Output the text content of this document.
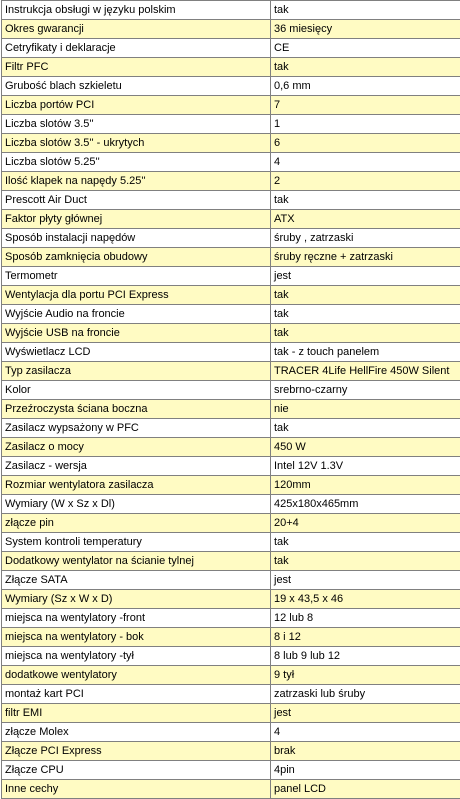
Instrukcja obsługi w języku polskim	tak
Okres gwarancji	36 miesięcy
Cetryfikaty i deklaracje	CE
Filtr PFC	tak
Grubość blach szkieletu	0,6 mm
Liczba portów PCI	7
Liczba slotów 3.5''	1
Liczba slotów 3.5'' - ukrytych	6
Liczba slotów 5.25''	4
Ilość klapek na napędy 5.25''	2
Prescott Air Duct	tak
Faktor płyty głównej	ATX
Sposób instalacji napędów	śruby , zatrzaski
Sposób zamknięcia obudowy	śruby ręczne + zatrzaski
Termometr	jest
Wentylacja dla portu PCI Express	tak
Wyjście Audio na froncie	tak
Wyjście USB na froncie	tak
Wyświetlacz LCD	tak - z touch panelem
Typ zasilacza	TRACER 4Life HellFire 450W Silent
Kolor	srebrno-czarny
Przeźroczysta ściana boczna	nie
Zasilacz wypsażony w PFC	tak
Zasilacz o mocy	450 W
Zasilacz - wersja	Intel 12V 1.3V
Rozmiar wentylatora zasilacza	120mm
Wymiary (W x Sz x Dl)	425x180x465mm
złącze pin	20+4
System kontroli temperatury	tak
Dodatkowy wentylator na ścianie tylnej	tak
Złącze SATA	jest
Wymiary (Sz x W x D)	19 x 43,5 x 46
miejsca na wentylatory -front	12 lub 8
miejsca na wentylatory - bok	8 i 12
miejsca na wentylatory -tył	8 lub 9 lub 12
dodatkowe wentylatory	9 tył
montaż kart PCI	zatrzaski lub śruby
filtr EMI	jest
złącze Molex	4
Złącze PCI Express	brak
Złącze CPU	4pin
Inne cechy	panel LCD
